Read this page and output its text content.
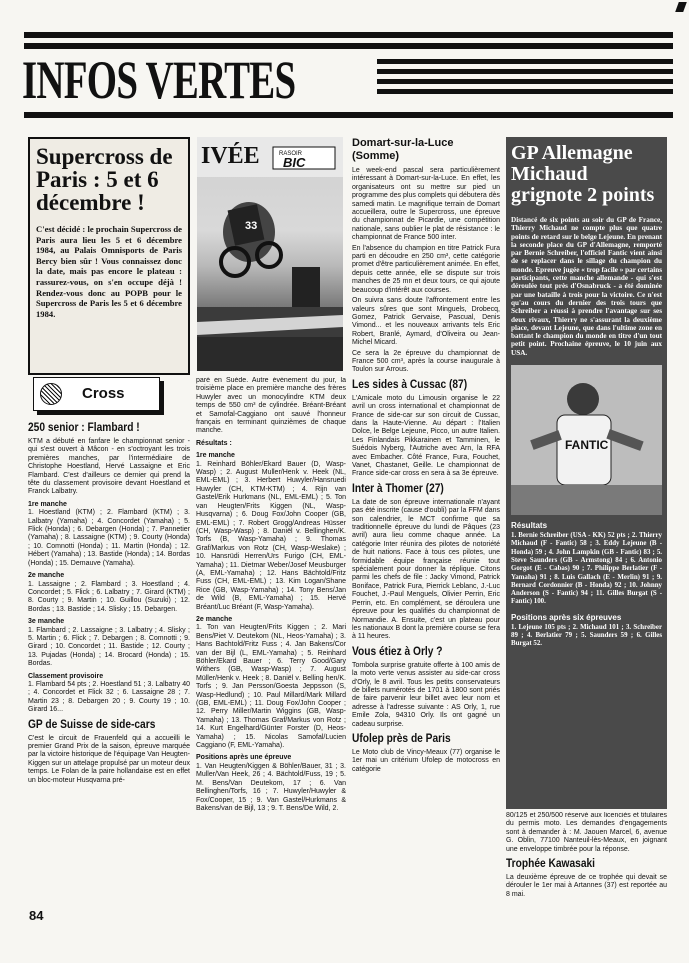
INFOS VERTES
Supercross de Paris : 5 et 6 décembre !
C'est décidé : le prochain Supercross de Paris aura lieu les 5 et 6 décembre 1984, au Palais Omnisports de Paris Bercy bien sûr ! Vous connaissez donc la date, mais pas encore le plateau : rassurez-vous, on s'en occupe déjà ! Rendez-vous donc au POPB pour le Supercross de Paris les 5 et 6 décembre 1984.
IVÉE	RASOIR
BIC
33
Cross
250 senior : Flambard !

KTM a débuté en fanfare le championnat senior - qui s'est ouvert à Mâcon - en s'octroyant les trois premières manches, par l'intermédiaire de Christophe Hoestland, Hervé Lassaigne et Eric Flambard. C'est d'ailleurs ce dernier qui prend la tête du classement provisoire devant Hoestland et Franck Lalbatry.

1re manche

1. Hoestland (KTM) ; 2. Flambard (KTM) ; 3. Lalbatry (Yamaha) ; 4. Concordet (Yamaha) ; 5. Flick (Honda) ; 6. Debargen (Honda) ; 7. Pannetier (Yamaha) ; 8. Lassaigne (KTM) ; 9. Courty (Honda) ; 10. Comnotti (Honda) ; 11. Martin (Honda) ; 12. Hébert (Yamaha) ; 13. Bastide (Honda) ; 14. Bordas (Honda) ; 15. Demauve (Yamaha).

2e manche

1. Lassaigne ; 2. Flambard ; 3. Hoestland ; 4. Concordet ; 5. Flick ; 6. Lalbatry ; 7. Girard (KTM) ; 8. Courty ; 9. Martin ; 10. Guillou (Suzuki) ; 12. Bordas ; 13. Bastide ; 14. Slisky ; 15. Debargen.

3e manche

1. Flambard ; 2. Lassaigne ; 3. Lalbatry ; 4. Slisky ; 5. Martin ; 6. Flick ; 7. Debargen ; 8. Comnotti ; 9. Girard ; 10. Concordet ; 11. Bastide ; 12. Courty ; 13. Pujadas (Honda) ; 14. Brocard (Honda) ; 15. Bordas.

Classement provisoire

1. Flambard 54 pts ; 2. Hoestland 51 ; 3. Lalbatry 40 ; 4. Concordet et Flick 32 ; 6. Lassaigne 28 ; 7. Martin 23 ; 8. Debargen 20 ; 9. Courty 19 ; 10. Girard 16...

GP de Suisse de side-cars

C'est le circuit de Frauenfeld qui a accueilli le premier Grand Prix de la saison, épreuve marquée par la victoire historique de l'équipage Van Heugten-Kiggen sur un attelage propulsé par un moteur deux temps. Le Folan de la paire hollandaise est en effet un bloc-moteur Husqvarna pré-

paré en Suède. Autre événement du jour, la troisième place en première manche des frères Huwyler avec un monocylindre KTM deux temps de 550 cm³ de cylindrée. Bréant-Bréant et Samofal-Caggiano ont sauvé l'honneur français en terminant quinzièmes de chaque manche.

Résultats :
1re manche

1. Reinhard Böhler/Ekard Bauer (D, Wasp-Wasp) ; 2. August Muller/Henk v. Heek (NL, EML-EML) ; 3. Herbert Huwyler/Hansruedi Huwyler (CH, KTM-KTM) ; 4. Rijn van Gastel/Erik Hurkmans (NL, EML-EML) ; 5. Ton van Heugten/Frits Kiggen (NL, Wasp-Husqvarna) ; 6. Doug Fox/John Cooper (GB, EML-EML) ; 7. Robert Grogg/Andreas Hüsser (CH, Wasp-Wasp) ; 8. Daniël v. Bellinghen/K. Torfs (B, Wasp-Yamaha) ; 9. Thomas Graf/Markus von Rotz (CH, Wasp-Weslake) ; 10. Hansrüdi Herren/Urs Furigo (CH, EML-Yamaha) ; 11. Dietmar Weber/Josef Meusburger (A, EML-Yamaha) ; 12. Hans Bächtold/Fritz Fuss (CH, EML-EML) ; 13. Kim Logan/Shane Rice (GB, Wasp-Yamaha) ; 14. Tony Bens/Jan de Wild (B, EML-Yamaha) ; 15. Hervé Bréant/Luc Bréant (F, Wasp-Yamaha).

2e manche

1. Ton van Heugten/Frits Kiggen ; 2. Mari Bens/Piet V. Deutekom (NL, Heos-Yamaha) ; 3. Hans Bachtold/Fritz Fuss ; 4. Jan Bakens/Cor van der Bijl (L, EML-Yamaha) ; 5. Reinhard Böhler/Ekard Bauer ; 6. Terry Good/Gary Withers (GB, Wasp-Wasp) ; 7. August Müller/Henk v. Heek ; 8. Daniël v. Belling hen/K. Torfs ; 9. Jan Persson/Goesta Jeppsson (S, Wasp-Hedlund) ; 10. Paul Millard/Mark Millard (GB, EML-EML) ; 11. Doug Fox/John Cooper ; 12. Perry Miller/Martin Wiggins (GB, Wasp-Yamaha) ; 13. Thomas Graf/Markus von Rotz ; 14. Kurt Engelhard/Günter Forster (D, Heos-Yamaha) ; 15. Nicolas Samofal/Lucien Caggiano (F, EML-Yamaha).

Positions après une épreuve

1. Van Heugten/Kiggen & Böhler/Bauer, 31 ; 3. Muller/Van Heek, 26 ; 4. Bächtold/Fuss, 19 ; 5. M. Bens/Van Deutekom, 17 ; 6. Van Bellinghen/Torfs, 16 ; 7. Huwyler/Huwyler & Fox/Cooper, 15 ; 9. Van Gastel/Hurkmans & Bakens/van de Bijl, 13 ; 9. T. Bens/De Wild, 2.

Domart-sur-la-Luce (Somme)

Le week-end pascal sera particulièrement intéressant à Domart-sur-la-Luce. En effet, les organisateurs ont su mettre sur pied un programme des plus complets qui débutera dès samedi matin. Le magnifique terrain de Domart accueillera, outre le Supercross, une épreuve du championnat de Picardie, une compétition nationale, sans oublier le plat de résistance : le championnat de France 500 inter.

En l'absence du champion en titre Patrick Fura parti en découdre en 250 cm³, cette catégorie promet d'être particulièrement animée. En effet, depuis cette année, elle se dispute sur trois manches de 25 mn et deux tours, ce qui ajoute beaucoup d'intérêt aux courses.

On suivra sans doute l'affrontement entre les valeurs sûres que sont Minguels, Drobecq, Gomez, Patrick Gervaise, Pascual, Denis Vimond... et les nouveaux arrivants tels Eric Robert, Branlé, Aymard, d'Oliveira ou Jean-Michel Micard.

Ce sera la 2e épreuve du championnat de France 500 cm³, après la course inaugurale à Toulon sur Arrous.

Les sides à Cussac (87)

L'Amicale moto du Limousin organise le 22 avril un cross international et championnat de France de side-car sur son circuit de Cussac, dans la Haute-Vienne. Au départ : l'Italien Dolce, le Belge Lejeune, Picco, un autre Italien. Les Finlandais Pikkarainen et Tamminen, le Suédois Nyberg, l'Autriche avec Arn, la RFA avec Embacher. Côté France, Fura, Fouchet, Vanet, Chastanet, Geille. Le championnat de France side-car cross en sera à sa 3e épreuve.

Inter à Thomer (27)

La date de son épreuve internationale n'ayant pas été inscrite (cause d'oubli) par la FFM dans son calendrier, le MCT confirme que sa traditionnelle épreuve du lundi de Pâques (23 avril) aura lieu comme chaque année. La catégorie Inter réunira des pilotes de notoriété de huit nations. Face à tous ces pilotes, une formidable équipe française réunie tout spécialement pour donner la réplique. Citons parmi les chefs de file : Jacky Vimond, Patrick Boniface, Patrick Fura, Pierrick Leblanc, J.-Luc Fouchet, J.-Paul Menguels, Olivier Perrin, Eric Perrin, etc. En complément, se déroulera une épreuve pour les qualifiés du championnat de Normandie. A. Ensuite, c'est un plateau pour les nationaux B dont la première course se fera à 11 heures.

Vous étiez à Orly ?

Tombola surprise gratuite offerte à 100 amis de la moto verte venus assister au side-car cross d'Orly, le 8 avril. Tous les petits conservateurs de billets numérotés de 1701 à 1800 sont priés de faire parvenir leur billet avec leur nom et adresse à l'adresse suivante : AS Orly, 1, rue Emile Zola, 94310 Orly. Ils ont gagné un cadeau surprise.

Ufolep près de Paris

Le Moto club de Vincy-Meaux (77) organise le 1er mai un critérium Ufolep de motocross en catégorie

GP Allemagne Michaud grignote 2 points
Distancé de six points au soir du GP de France, Thierry Michaud ne compte plus que quatre points de retard sur le belge Lejeune. En prenant la seconde place du GP d'Allemagne, remporté par Bernie Schreiber, l'officiel Fantic vient ainsi de se replacer dans le sillage du champion du monde. Epreuve jugée « trop facile » par certains participants, cette manche allemande - qui s'est déroulée tout près d'Osnabruck - a été dominée par une bataille à trois pour la victoire. Ce n'est qu'au cours du dernier des trois tours que Schreiber a réussi à prendre l'avantage sur ses deux rivaux, Thierry ne s'assurant la deuxième place, devant Lejeune, que dans l'ultime zone en battant le champion du monde en titre d'un tout petit point. Prochaine épreuve, le 10 juin aux USA.
FANTIC
Résultats
1. Bernie Schreiber (USA - KK) 52 pts ; 2. Thierry Michaud (F - Fantic) 58 ; 3. Eddy Lejeune (B - Honda) 59 ; 4. John Lampkin (GB - Fantic) 83 ; 5. Steve Saunders (GB - Armstong) 84 ; 6. Antonio Gorgot (E - Cabas) 90 ; 7. Philippe Berlatier (F - Yamaha) 91 ; 8. Luis Gallach (E - Merlin) 91 ; 9. Bernard Cordonnier (B - Honda) 92 ; 10. Johnny Anderson (S - Fantic) 94 ; 11. Gilles Burgat (S - Fantic) 100.
Positions après six épreuves
1. Lejeune 105 pts ; 2. Michaud 101 ; 3. Schreiber 89 ; 4. Berlatier 79 ; 5. Saunders 59 ; 6. Gilles Burgat 52.

80/125 et 250/500 réservé aux licenciés et titulaires du permis moto. Les demandes d'engagements sont à demander à : M. Jaouen Marcel, 6, avenue G. Oblin, 77100 Nanteuil-lès-Meaux, en joignant une enveloppe timbrée pour la réponse.

Trophée Kawasaki

La deuxième épreuve de ce trophée qui devait se dérouler le 1er mai à Artannes (37) est reportée au 8 mai.

84
